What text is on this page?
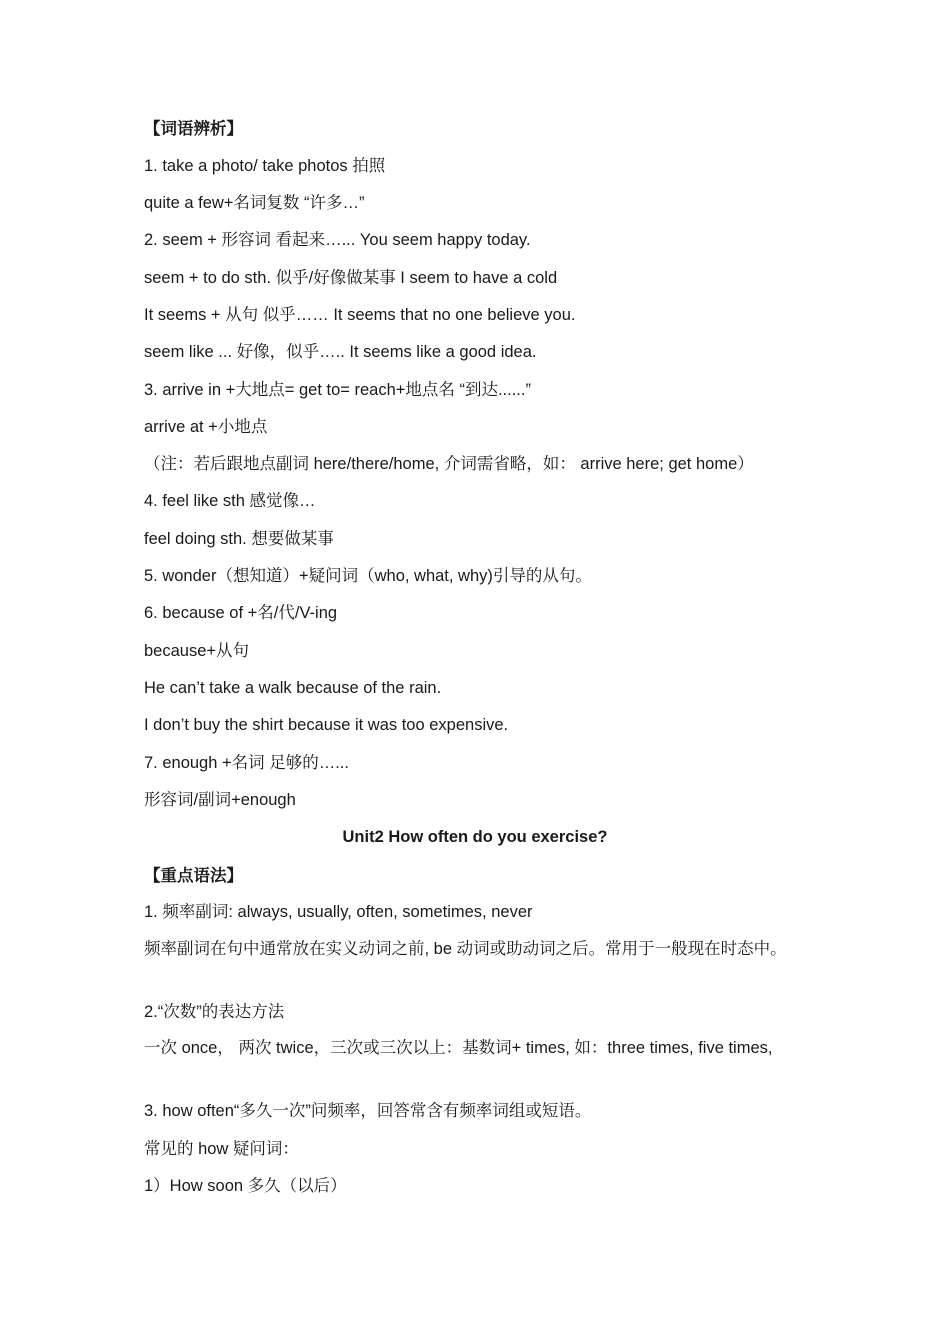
【词语辨析】
1. take a photo/ take photos 拍照
quite a few+名词复数 “许多…”
2. seem + 形容词 看起来…... You seem happy today.
seem + to do sth. 似乎/好像做某事 I seem to have a cold
It seems + 从句 似乎…… It seems that no one believe you.
seem like ... 好像，似乎….. It seems like a good idea.
3. arrive in +大地点= get to= reach+地点名 “到达......”
arrive at +小地点
（注：若后跟地点副词 here/there/home, 介词需省略，如： arrive here; get home）
4. feel like sth 感觉像…
feel doing sth. 想要做某事
5. wonder（想知道）+疑问词（who, what, why)引导的从句。
6. because of +名/代/V-ing
because+从句
He can’t take a walk because of the rain.
I don’t buy the shirt because it was too expensive.
7. enough +名词 足够的…...
形容词/副词+enough
Unit2 How often do you exercise?
【重点语法】
1. 频率副词: always, usually, often, sometimes, never
频率副词在句中通常放在实义动词之前, be 动词或助动词之后。常用于一般现在时态中。
2.“次数”的表达方法
一次 once， 两次 twice，三次或三次以上：基数词+ times, 如：three times, five times,
3. how often“多久一次”问频率，回答常含有频率词组或短语。
常见的 how 疑问词：
1）How soon 多久（以后）
